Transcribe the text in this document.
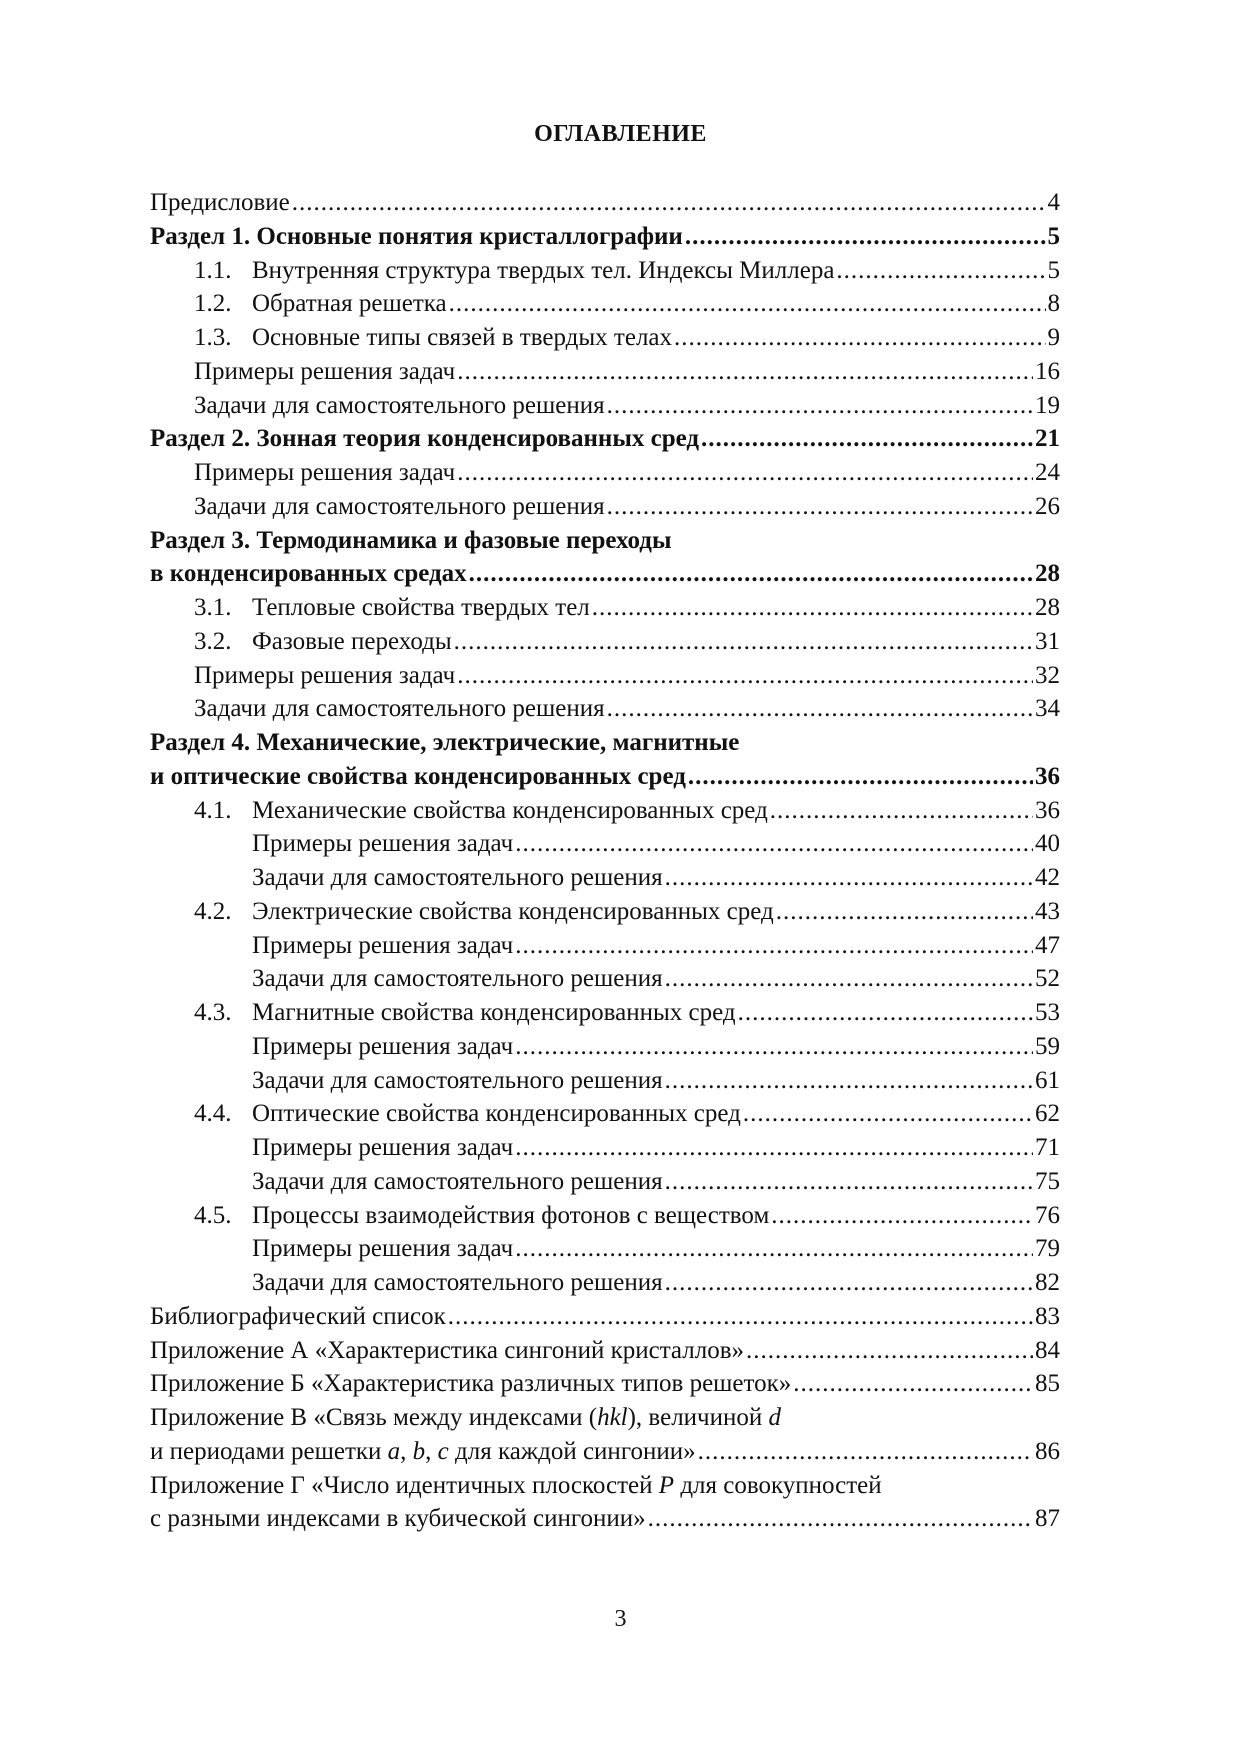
ОГЛАВЛЕНИЕ
Предисловие .....	4
Раздел 1. Основные понятия кристаллографии .....	5
1.1. Внутренняя структура твердых тел. Индексы Миллера .....	5
1.2. Обратная решетка .....	8
1.3. Основные типы связей в твердых телах .....	9
Примеры решения задач .....	16
Задачи для самостоятельного решения .....	19
Раздел 2. Зонная теория конденсированных сред .....	21
Примеры решения задач .....	24
Задачи для самостоятельного решения .....	26
Раздел 3. Термодинамика и фазовые переходы
в конденсированных средах .....	28
3.1. Тепловые свойства твердых тел .....	28
3.2. Фазовые переходы .....	31
Примеры решения задач .....	32
Задачи для самостоятельного решения .....	34
Раздел 4. Механические, электрические, магнитные
и оптические свойства конденсированных сред .....	36
4.1. Механические свойства конденсированных сред .....	36
Примеры решения задач .....	40
Задачи для самостоятельного решения .....	42
4.2. Электрические свойства конденсированных сред .....	43
Примеры решения задач .....	47
Задачи для самостоятельного решения .....	52
4.3. Магнитные свойства конденсированных сред .....	53
Примеры решения задач .....	59
Задачи для самостоятельного решения .....	61
4.4. Оптические свойства конденсированных сред .....	62
Примеры решения задач .....	71
Задачи для самостоятельного решения .....	75
4.5. Процессы взаимодействия фотонов с веществом .....	76
Примеры решения задач .....	79
Задачи для самостоятельного решения .....	82
Библиографический список .....	83
Приложение А «Характеристика сингоний кристаллов» .....	84
Приложение Б «Характеристика различных типов решеток» .....	85
Приложение В «Связь между индексами (hkl), величиной d
и периодами решетки a, b, c для каждой сингонии» .....	86
Приложение Г «Число идентичных плоскостей P для совокупностей
с разными индексами в кубической сингонии» .....	87
3
